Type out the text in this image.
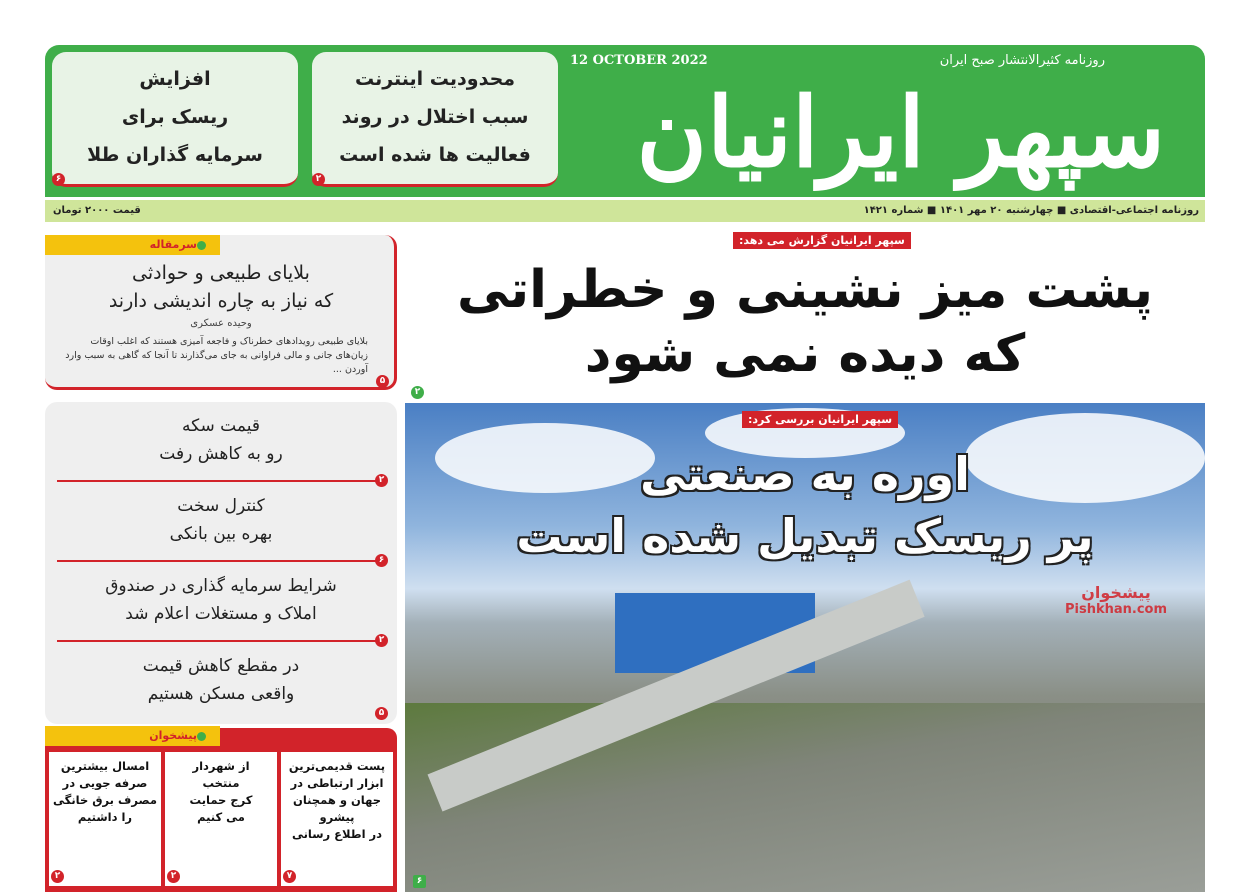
12 OCTOBER 2022	روزنامه کثیرالانتشار صبح ایران
سپهر ایرانیان
محدودیت اینترنت
سبب اختلال در روند
فعالیت ها شده است
۲
افزایش
ریسک برای
سرمایه گذاران طلا
۶
روزنامه اجتماعی-اقتصادی ■ چهارشنبه ۲۰ مهر ۱۴۰۱ ■ شماره ۱۴۲۱
قیمت ۲۰۰۰ تومان
سپهر ایرانیان گزارش می دهد:
پشت میز نشینی و خطراتی
که دیده نمی شود
۲
سرمقاله
بلایای طبیعی و حوادثی
که نیاز به چاره اندیشی دارند
وحیده عسکری
بلایای طبیعی رویدادهای خطرناک و فاجعه آمیزی هستند که اغلب اوقات زیان‌های جانی و مالی فراوانی به جای می‌گذارند تا آنجا که گاهی به سبب وارد آوردن ...
۵
قیمت سکه
رو به کاهش رفت
۲
کنترل سخت
بهره بین بانکی
۶
شرایط سرمایه گذاری در صندوق
املاک و مستغلات اعلام شد
۲
در مقطع کاهش قیمت
واقعی مسکن هستیم
۵
پیشخوان
پست قدیمی‌ترین
ابزار ارتباطی در
جهان و همچنان پیشرو
در اطلاع رسانی
۷
از شهردار
منتخب
کرج حمایت
می کنیم
۲
امسال بیشترین
صرفه جویی در
مصرف برق خانگی
را داشتیم
۲
سپهر ایرانیان بررسی کرد:
اوره به صنعتی
پر ریسک تبدیل شده است
پیشخوان
Pishkhan.com
۶
